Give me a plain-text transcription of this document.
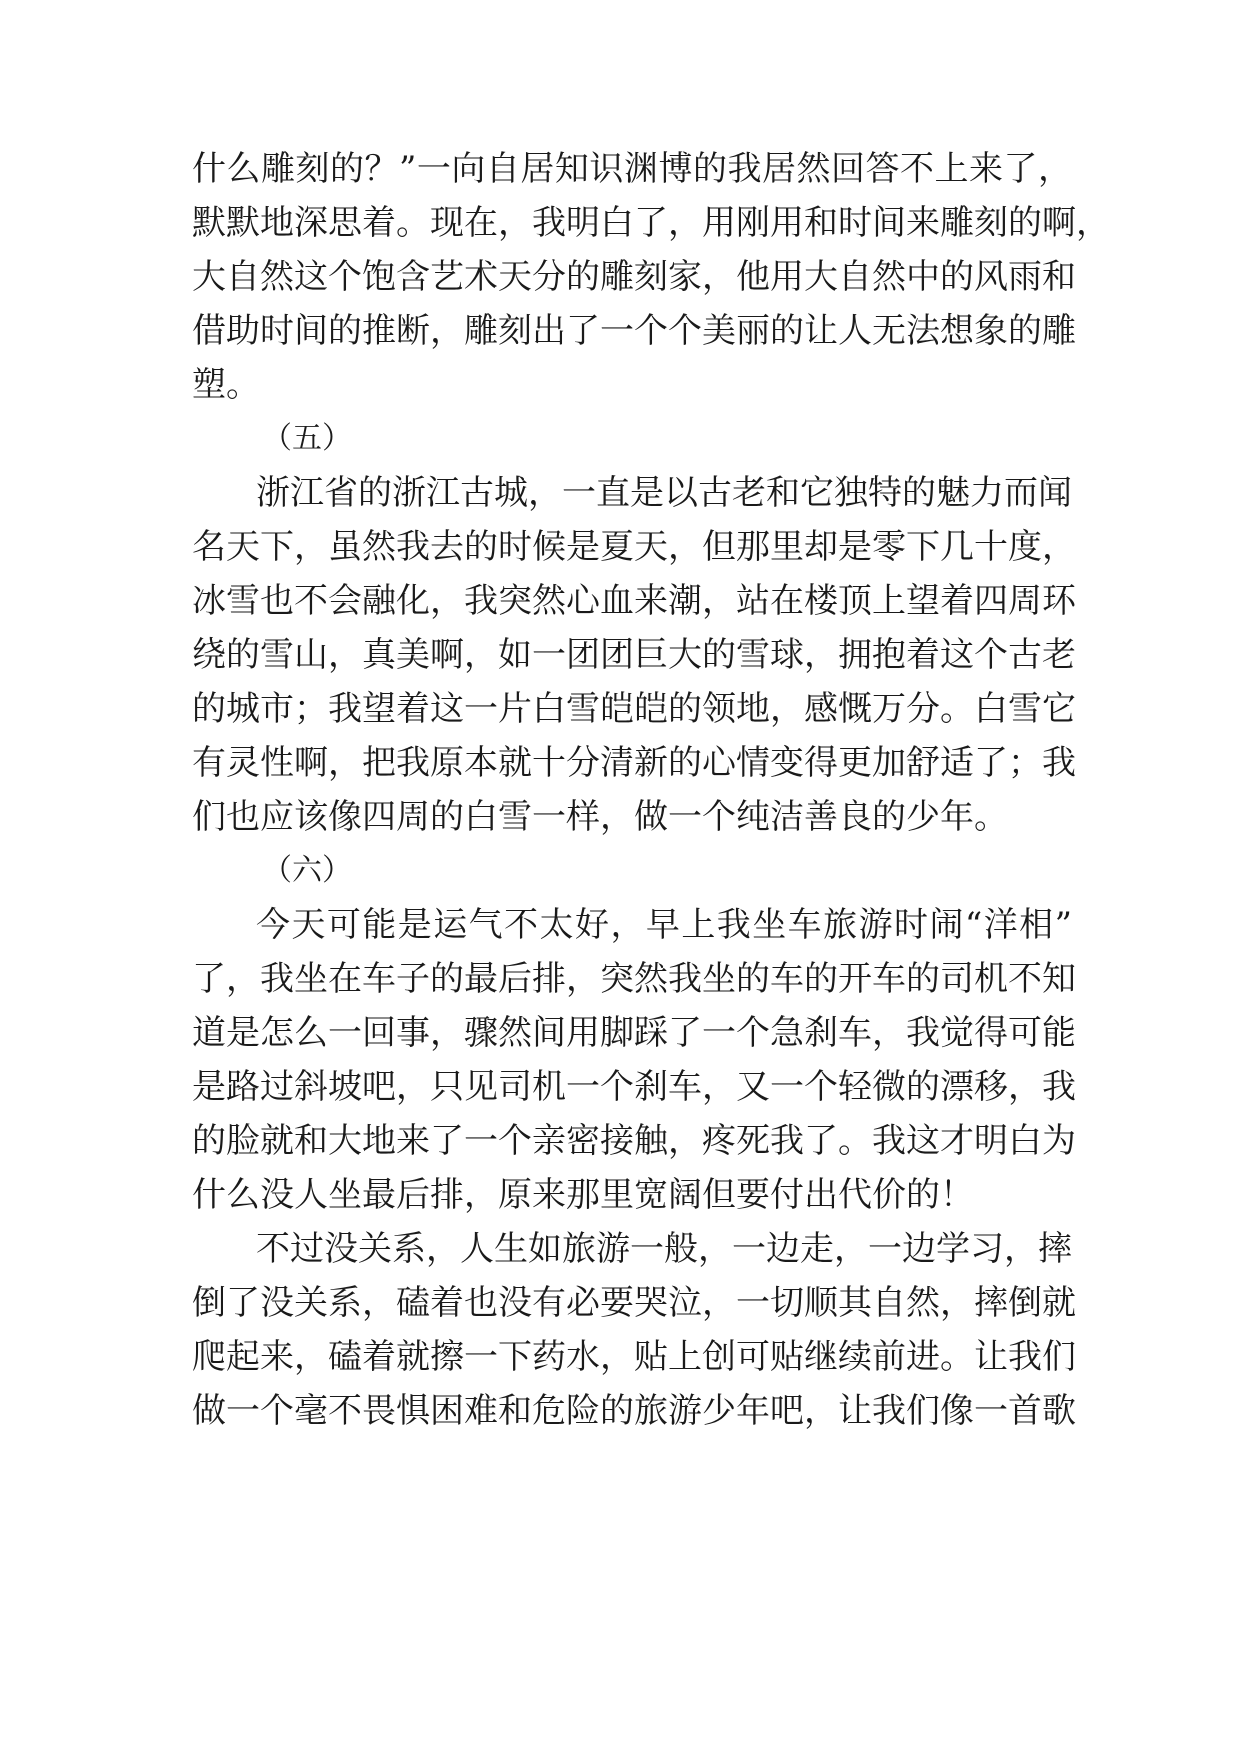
什么雕刻的？”一向自居知识渊博的我居然回答不上来了，
默默地深思着。现在，我明白了，用刚用和时间来雕刻的啊，
大自然这个饱含艺术天分的雕刻家，他用大自然中的风雨和
借助时间的推断，雕刻出了一个个美丽的让人无法想象的雕
塑。
（五）
浙江省的浙江古城，一直是以古老和它独特的魅力而闻
名天下，虽然我去的时候是夏天，但那里却是零下几十度，
冰雪也不会融化，我突然心血来潮，站在楼顶上望着四周环
绕的雪山，真美啊，如一团团巨大的雪球，拥抱着这个古老
的城市；我望着这一片白雪皑皑的领地，感慨万分。白雪它
有灵性啊，把我原本就十分清新的心情变得更加舒适了；我
们也应该像四周的白雪一样，做一个纯洁善良的少年。
（六）
今天可能是运气不太好，早上我坐车旅游时闹“洋相”
了，我坐在车子的最后排，突然我坐的车的开车的司机不知
道是怎么一回事，骤然间用脚踩了一个急刹车，我觉得可能
是路过斜坡吧，只见司机一个刹车，又一个轻微的漂移，我
的脸就和大地来了一个亲密接触，疼死我了。我这才明白为
什么没人坐最后排，原来那里宽阔但要付出代价的！
不过没关系，人生如旅游一般，一边走，一边学习，摔
倒了没关系，磕着也没有必要哭泣，一切顺其自然，摔倒就
爬起来，磕着就擦一下药水，贴上创可贴继续前进。让我们
做一个毫不畏惧困难和危险的旅游少年吧，让我们像一首歌
